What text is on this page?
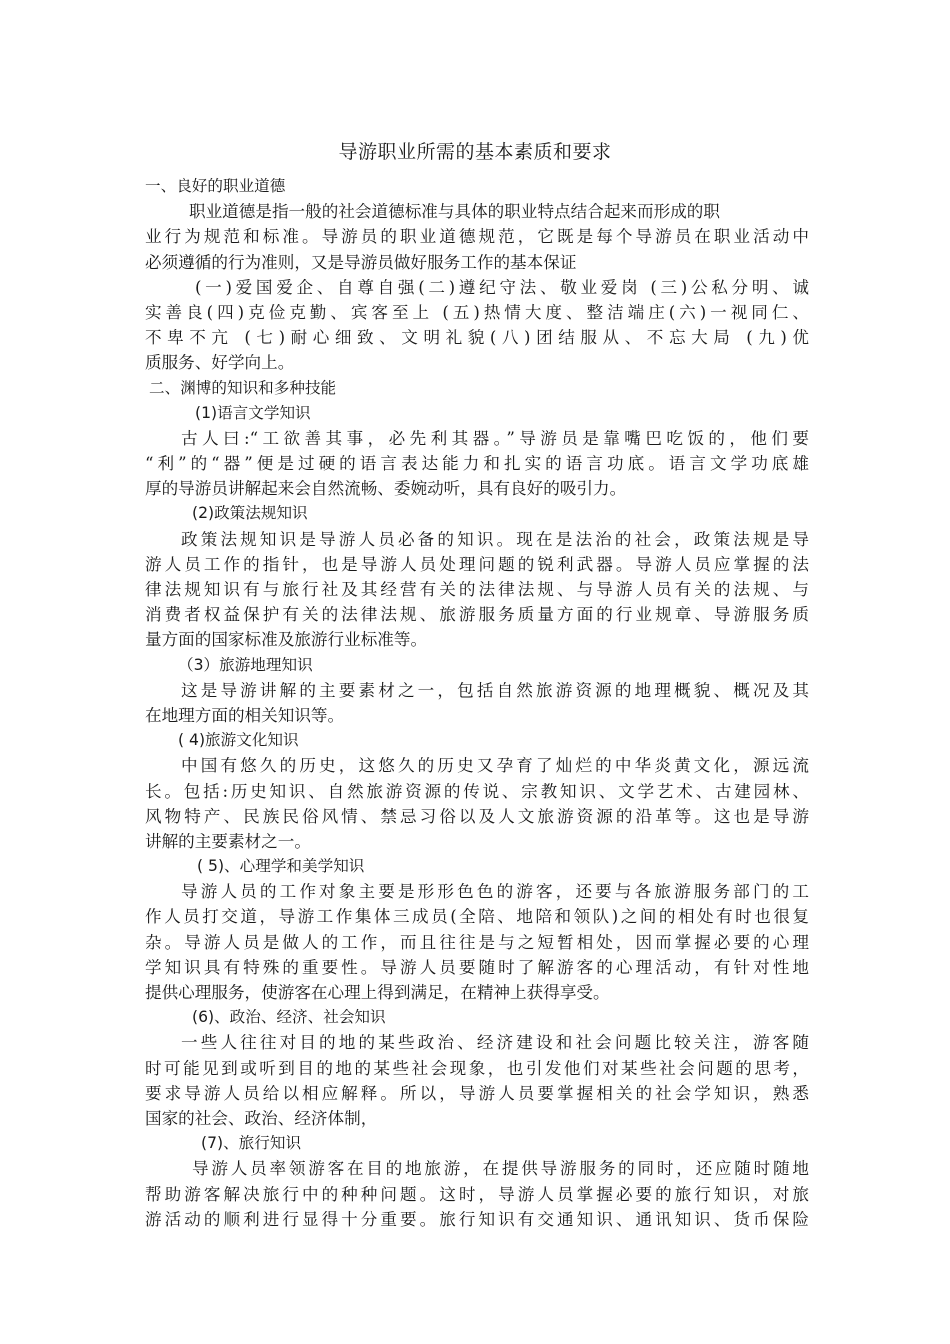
导游职业所需的基本素质和要求
一、良好的职业道德
职业道德是指一般的社会道德标准与具体的职业特点结合起来而形成的职
业行为规范和标准。导游员的职业道德规范，它既是每个导游员在职业活动中
必须遵循的行为准则，又是导游员做好服务工作的基本保证
(一)爱国爱企、自尊自强(二)遵纪守法、敬业爱岗 (三)公私分明、诚
实善良(四)克俭克勤、宾客至上 (五)热情大度、整洁端庄(六)一视同仁、
不卑不亢 (七)耐心细致、文明礼貌(八)团结服从、不忘大局 (九)优
质服务、好学向上。
二、渊博的知识和多种技能
(1)语言文学知识
古人曰:“工欲善其事，必先利其器。”导游员是靠嘴巴吃饭的，他们要
“利”的“器”便是过硬的语言表达能力和扎实的语言功底。语言文学功底雄
厚的导游员讲解起来会自然流畅、委婉动听，具有良好的吸引力。
(2)政策法规知识
政策法规知识是导游人员必备的知识。现在是法治的社会，政策法规是导
游人员工作的指针，也是导游人员处理问题的锐利武器。导游人员应掌握的法
律法规知识有与旅行社及其经营有关的法律法规、与导游人员有关的法规、与
消费者权益保护有关的法律法规、旅游服务质量方面的行业规章、导游服务质
量方面的国家标准及旅游行业标准等。
（3）旅游地理知识
这是导游讲解的主要素材之一，包括自然旅游资源的地理概貌、概况及其
在地理方面的相关知识等。
( 4)旅游文化知识
中国有悠久的历史，这悠久的历史又孕育了灿烂的中华炎黄文化，源远流
长。包括:历史知识、自然旅游资源的传说、宗教知识、文学艺术、古建园林、
风物特产、民族民俗风情、禁忌习俗以及人文旅游资源的沿革等。这也是导游
讲解的主要素材之一。
( 5)、心理学和美学知识
导游人员的工作对象主要是形形色色的游客，还要与各旅游服务部门的工
作人员打交道，导游工作集体三成员(全陪、地陪和领队)之间的相处有时也很复
杂。导游人员是做人的工作，而且往往是与之短暂相处，因而掌握必要的心理
学知识具有特殊的重要性。导游人员要随时了解游客的心理活动，有针对性地
提供心理服务，使游客在心理上得到满足，在精神上获得享受。
(6)、政治、经济、社会知识
一些人往往对目的地的某些政治、经济建设和社会问题比较关注，游客随
时可能见到或听到目的地的某些社会现象，也引发他们对某些社会问题的思考，
要求导游人员给以相应解释。所以，导游人员要掌握相关的社会学知识，熟悉
国家的社会、政治、经济体制，
(7)、旅行知识
导游人员率领游客在目的地旅游，在提供导游服务的同时，还应随时随地
帮助游客解决旅行中的种种问题。这时，导游人员掌握必要的旅行知识，对旅
游活动的顺利进行显得十分重要。旅行知识有交通知识、通讯知识、货币保险
